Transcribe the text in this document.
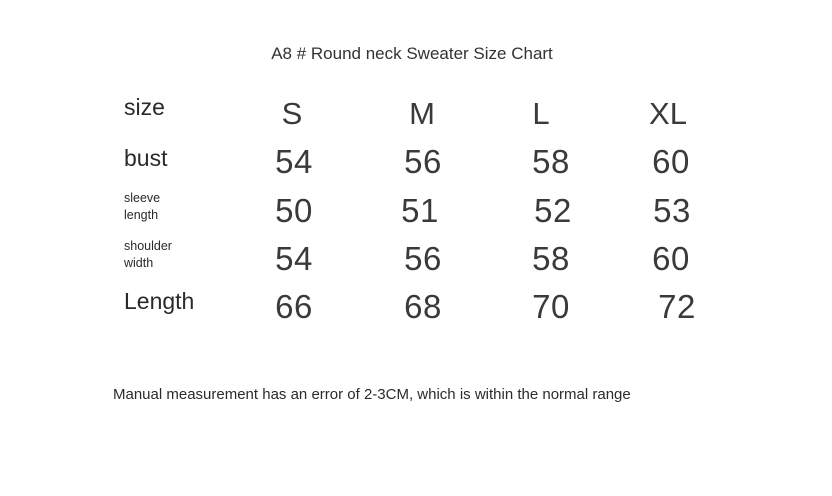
A8 # Round neck Sweater Size Chart
size	S	M	L	XL
bust	54	56	58	60
sleeve
length	50	51	52	53
shoulder
width	54	56	58	60
Length	66	68	70	72
Manual measurement has an error of 2-3CM, which is within the normal range
